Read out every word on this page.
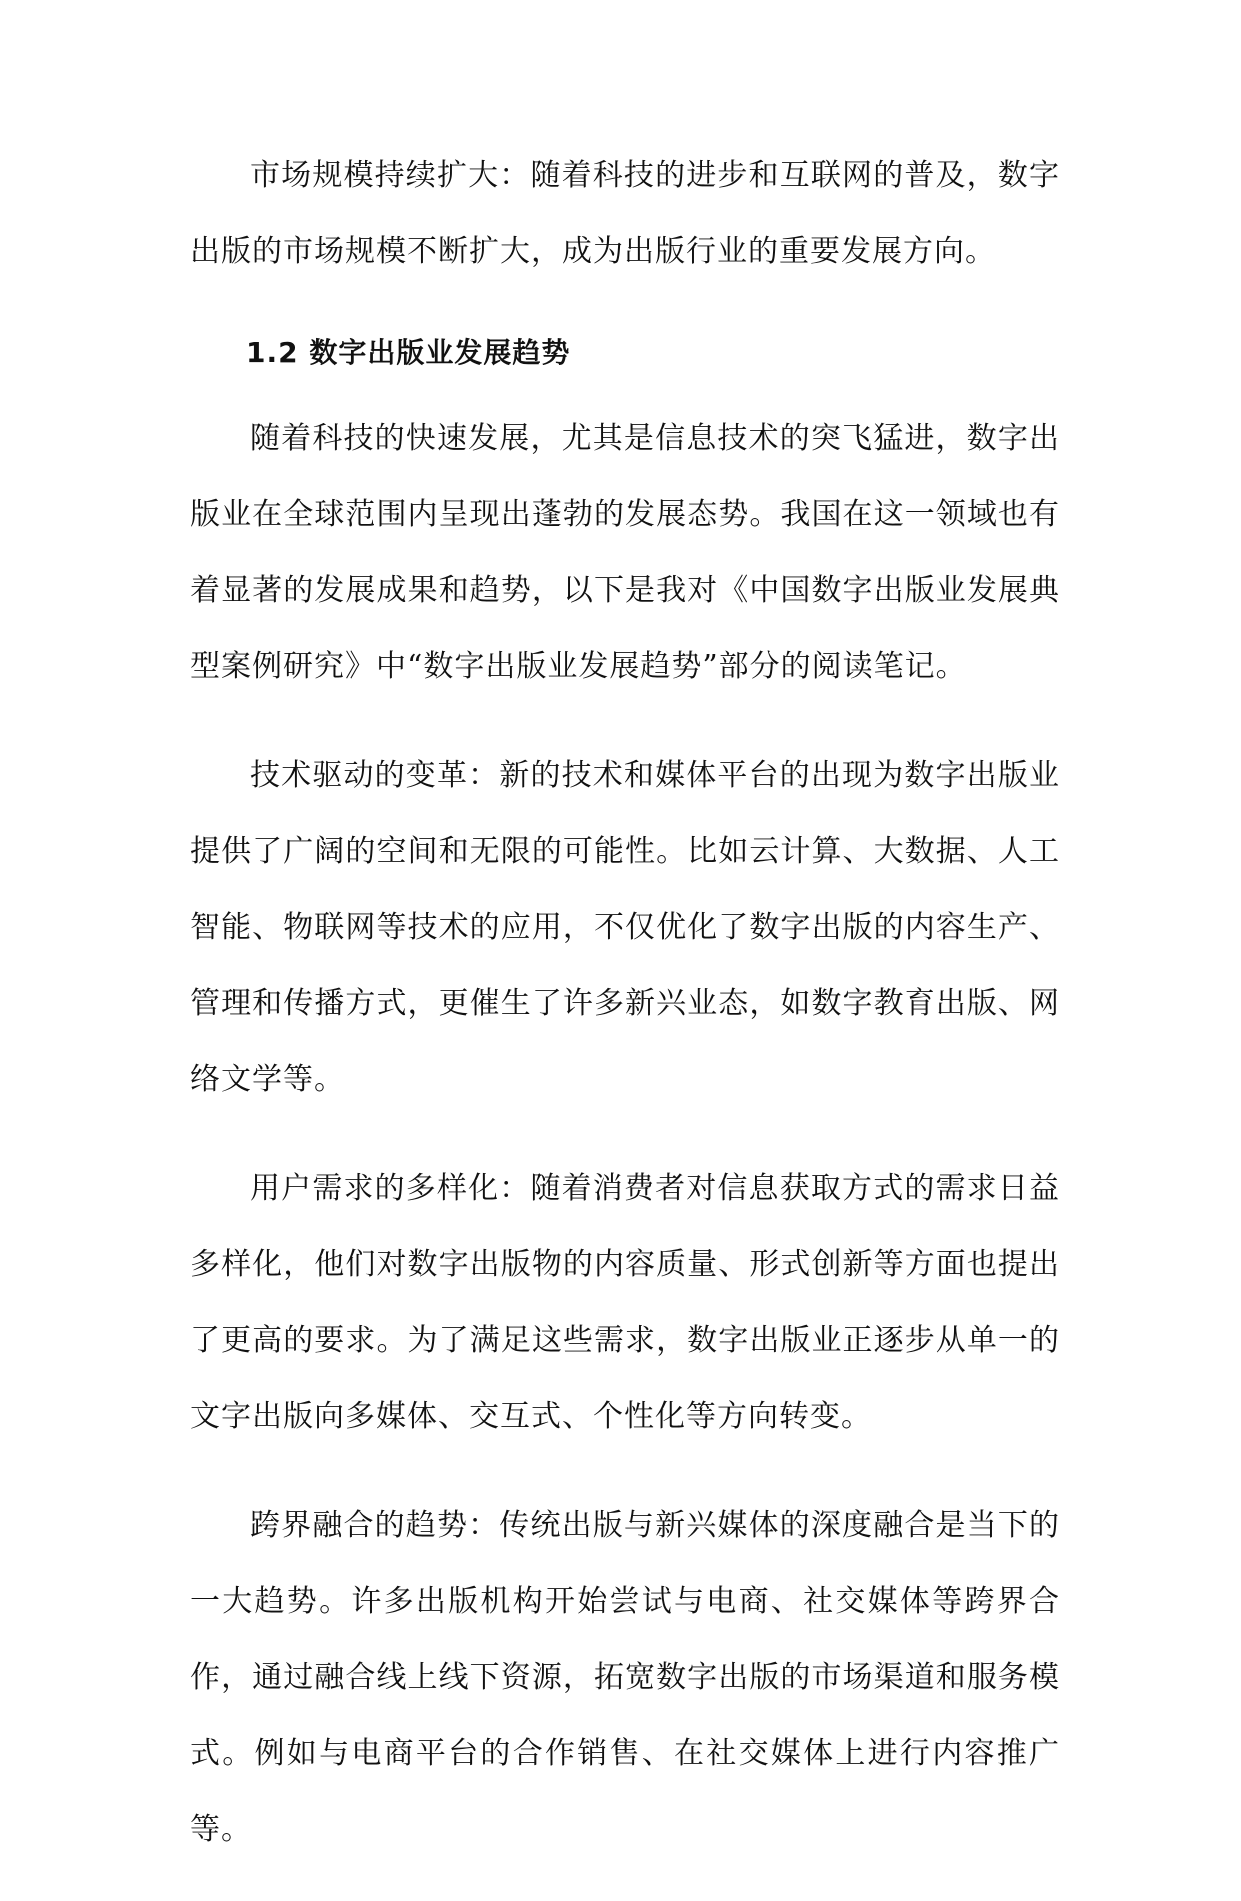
市场规模持续扩大：随着科技的进步和互联网的普及，数字出版的市场规模不断扩大，成为出版行业的重要发展方向。

1.2 数字出版业发展趋势

随着科技的快速发展，尤其是信息技术的突飞猛进，数字出版业在全球范围内呈现出蓬勃的发展态势。我国在这一领域也有着显著的发展成果和趋势，以下是我对《中国数字出版业发展典型案例研究》中“数字出版业发展趋势”部分的阅读笔记。

技术驱动的变革：新的技术和媒体平台的出现为数字出版业提供了广阔的空间和无限的可能性。比如云计算、大数据、人工智能、物联网等技术的应用，不仅优化了数字出版的内容生产、管理和传播方式，更催生了许多新兴业态，如数字教育出版、网络文学等。

用户需求的多样化：随着消费者对信息获取方式的需求日益多样化，他们对数字出版物的内容质量、形式创新等方面也提出了更高的要求。为了满足这些需求，数字出版业正逐步从单一的文字出版向多媒体、交互式、个性化等方向转变。

跨界融合的趋势：传统出版与新兴媒体的深度融合是当下的一大趋势。许多出版机构开始尝试与电商、社交媒体等跨界合作，通过融合线上线下资源，拓宽数字出版的市场渠道和服务模式。例如与电商平台的合作销售、在社交媒体上进行内容推广等。
